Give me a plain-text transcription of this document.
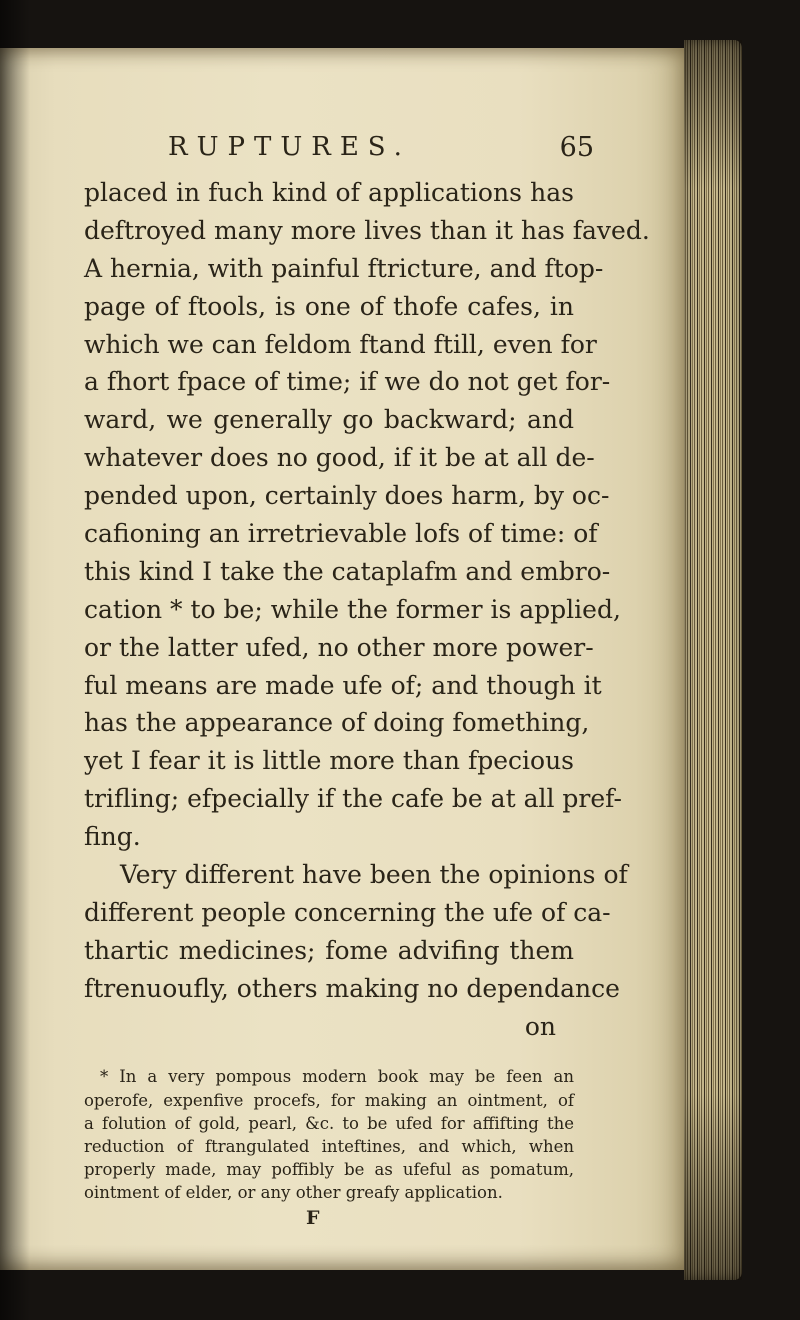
RUPTURES.	65
placed in fuch kind of applications has
deftroyed many more lives than it has faved.
A hernia, with painful ftricture, and ftop-
page of ftools, is one of thofe cafes, in
which we can feldom ftand ftill, even for
a fhort fpace of time; if we do not get for-
ward, we generally go backward; and
whatever does no good, if it be at all de-
pended upon, certainly does harm, by oc-
cafioning an irretrievable lofs of time: of
this kind I take the cataplafm and embro-
cation * to be; while the former is applied,
or the latter ufed, no other more power-
ful means are made ufe of; and though it
has the appearance of doing fomething,
yet I fear it is little more than fpecious
trifling; efpecially if the cafe be at all pref-
fing.
Very different have been the opinions of
different people concerning the ufe of ca-
thartic medicines; fome advifing them
ftrenuoufly, others making no dependance
on
* In a very pompous modern book may be feen an
operofe, expenfive procefs, for making an ointment, of
a folution of gold, pearl, &c. to be ufed for affifting the
reduction of ftrangulated inteftines, and which, when
properly made, may poffibly be as ufeful as pomatum,
ointment of elder, or any other greafy application.
F
